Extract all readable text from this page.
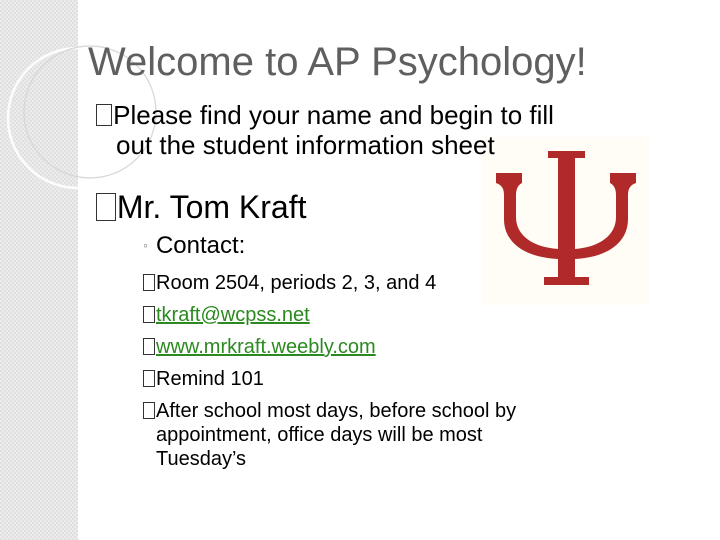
Welcome to AP Psychology!
Please find your name and begin to fill
out the student information sheet
Mr. Tom Kraft
◦ Contact:
Room 2504, periods 2, 3, and 4
tkraft@wcpss.net
www.mrkraft.weebly.com
Remind 101
After school most days, before school by
appointment, office days will be most
Tuesday’s
